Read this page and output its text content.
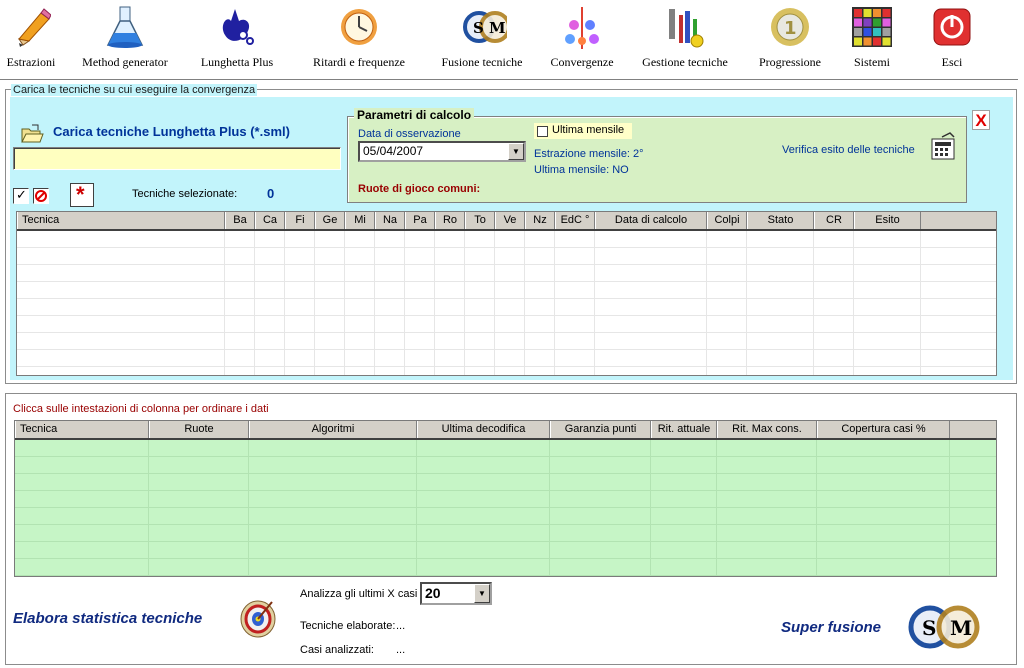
Estrazioni	Method generator	Lunghetta Plus	Ritardi e frequenze
S M
Fusione tecniche	Convergenze	Gestione tecniche
1
Progressione	Sistemi	Esci
Carica tecniche Lunghetta Plus (*.sml)
✓ *	Tecniche selezionate: 0
Parametri di calcolo
Data di osservazione
05/04/2007	▼
Ultima mensile
Estrazione mensile: 2°
Ultima mensile: NO
Ruote di gioco comuni:
Verifica esito delle tecniche
X
Tecnica	Ba	Ca	Fi	Ge	Mi	Na	Pa	Ro	To	Ve	Nz	EdC °	Data di calcolo	Colpi	Stato	CR	Esito
Carica le tecniche su cui eseguire la convergenza
Clicca sulle intestazioni di colonna per ordinare i dati
Tecnica	Ruote	Algoritmi	Ultima decodifica	Garanzia punti	Rit. attuale	Rit. Max cons.	Copertura casi %
Elabora statistica tecniche
Analizza gli ultimi X casi 20	▼
Tecniche elaborate: ...
Casi analizzati: ...
Super fusione S M
